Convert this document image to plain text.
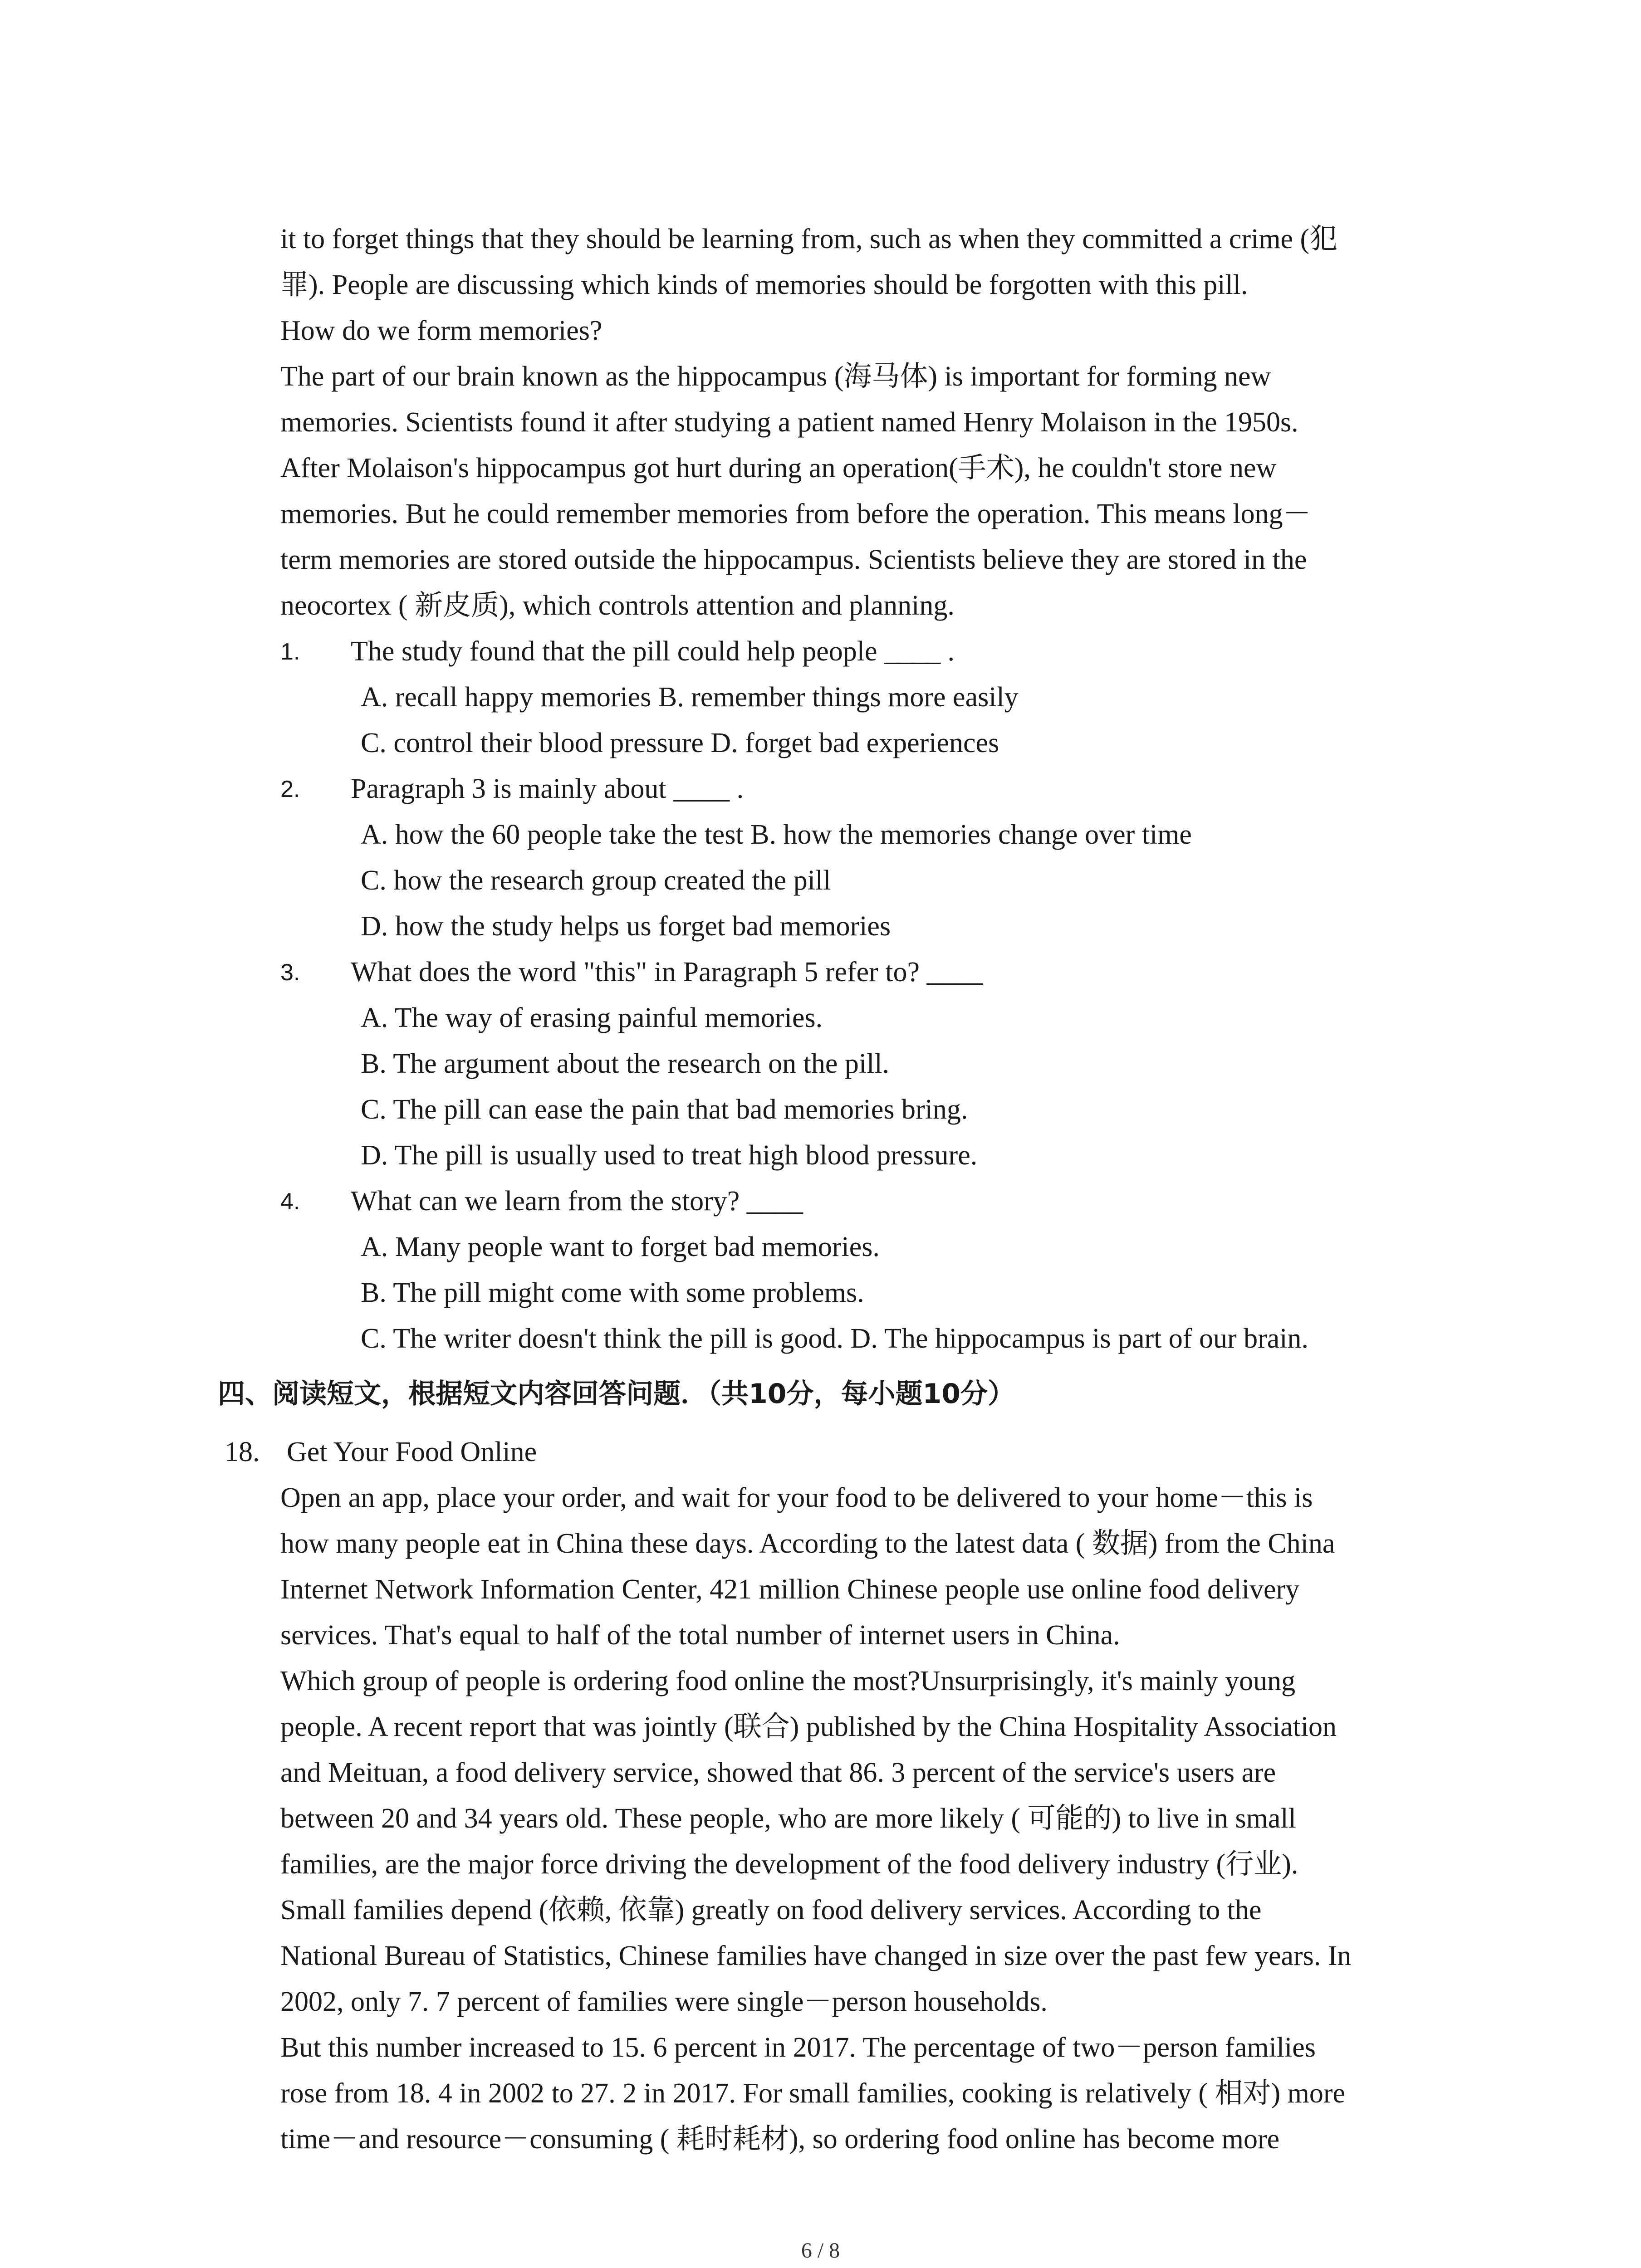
it to forget things that they should be learning from, such as when they committed a crime (犯
罪). People are discussing which kinds of memories should be forgotten with this pill.
How do we form memories?
The part of our brain known as the hippocampus (海马体) is important for forming new
memories. Scientists found it after studying a patient named Henry Molaison in the 1950s.
After Molaison's hippocampus got hurt during an operation(手术), he couldn't store new
memories. But he could remember memories from before the operation. This means long－
term memories are stored outside the hippocampus. Scientists believe they are stored in the
neocortex ( 新皮质), which controls attention and planning.
1. The study found that the pill could help people ____ .
A. recall happy memories B. remember things more easily
C. control their blood pressure D. forget bad experiences
2. Paragraph 3 is mainly about ____ .
A. how the 60 people take the test B. how the memories change over time
C. how the research group created the pill
D. how the study helps us forget bad memories
3. What does the word "this" in Paragraph 5 refer to? ____
A. The way of erasing painful memories.
B. The argument about the research on the pill.
C. The pill can ease the pain that bad memories bring.
D. The pill is usually used to treat high blood pressure.
4. What can we learn from the story? ____
A. Many people want to forget bad memories.
B. The pill might come with some problems.
C. The writer doesn't think the pill is good. D. The hippocampus is part of our brain.
四、阅读短文，根据短文内容回答问题．（共10分，每小题10分）
18. Get Your Food Online
Open an app, place your order, and wait for your food to be delivered to your home－this is
how many people eat in China these days. According to the latest data ( 数据) from the China
Internet Network Information Center, 421 million Chinese people use online food delivery
services. That's equal to half of the total number of internet users in China.
Which group of people is ordering food online the most?Unsurprisingly, it's mainly young
people. A recent report that was jointly (联合) published by the China Hospitality Association
and Meituan, a food delivery service, showed that 86. 3 percent of the service's users are
between 20 and 34 years old. These people, who are more likely ( 可能的) to live in small
families, are the major force driving the development of the food delivery industry (行业).
Small families depend (依赖, 依靠) greatly on food delivery services. According to the
National Bureau of Statistics, Chinese families have changed in size over the past few years. In
2002, only 7. 7 percent of families were single－person households.
But this number increased to 15. 6 percent in 2017. The percentage of two－person families
rose from 18. 4 in 2002 to 27. 2 in 2017. For small families, cooking is relatively ( 相对) more
time－and resource－consuming ( 耗时耗材), so ordering food online has become more
6 / 8
